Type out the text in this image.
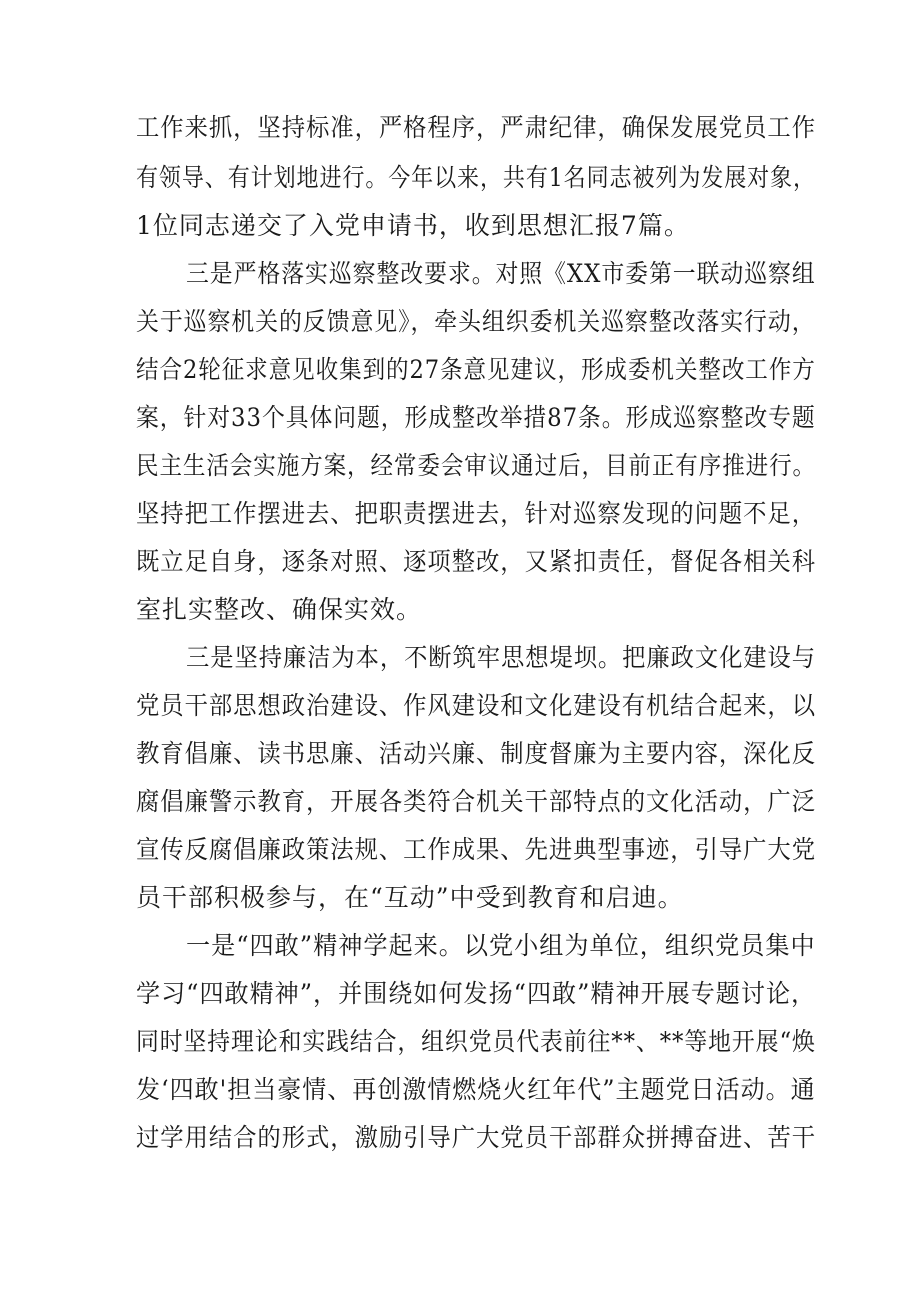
工作来抓，坚持标准，严格程序，严肃纪律，确保发展党员工作
有领导、有计划地进行。今年以来，共有1名同志被列为发展对象，
1位同志递交了入党申请书，收到思想汇报7篇。
三是严格落实巡察整改要求。对照《XX市委第一联动巡察组
关于巡察机关的反馈意见》，牵头组织委机关巡察整改落实行动，
结合2轮征求意见收集到的27条意见建议，形成委机关整改工作方
案，针对33个具体问题，形成整改举措87条。形成巡察整改专题
民主生活会实施方案，经常委会审议通过后，目前正有序推进行。
坚持把工作摆进去、把职责摆进去，针对巡察发现的问题不足，
既立足自身，逐条对照、逐项整改，又紧扣责任，督促各相关科
室扎实整改、确保实效。
三是坚持廉洁为本，不断筑牢思想堤坝。把廉政文化建设与
党员干部思想政治建设、作风建设和文化建设有机结合起来，以
教育倡廉、读书思廉、活动兴廉、制度督廉为主要内容，深化反
腐倡廉警示教育，开展各类符合机关干部特点的文化活动，广泛
宣传反腐倡廉政策法规、工作成果、先进典型事迹，引导广大党
员干部积极参与，在“互动”中受到教育和启迪。
一是“四敢”精神学起来。以党小组为单位，组织党员集中
学习“四敢精神”，并围绕如何发扬“四敢”精神开展专题讨论，
同时坚持理论和实践结合，组织党员代表前往**、**等地开展“焕
发‘四敢'担当豪情、再创激情燃烧火红年代”主题党日活动。通
过学用结合的形式，激励引导广大党员干部群众拼搏奋进、苦干
